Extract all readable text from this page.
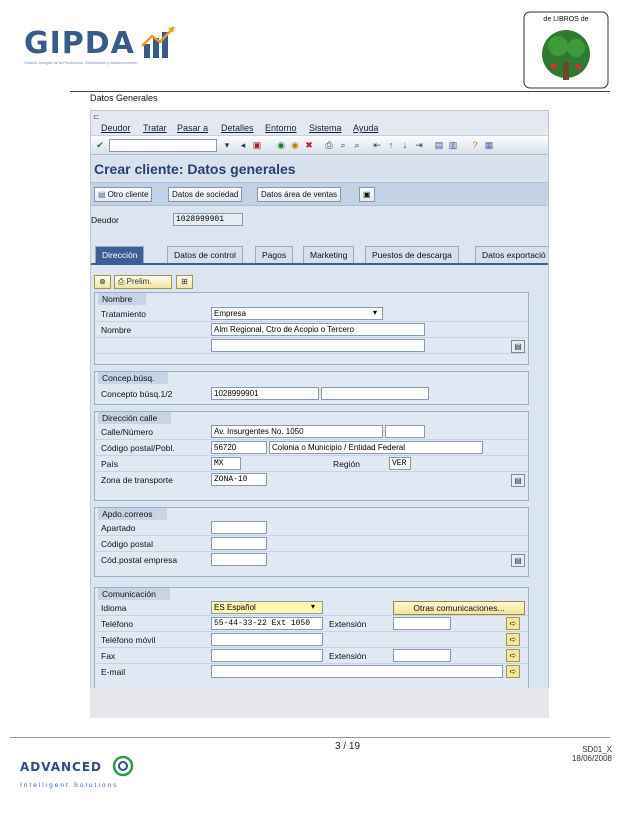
GIPDA
Gestión Integral de la Producción, Distribución y Abastecimiento
de LIBROS de
Datos Generales
⊏
Deudor Tratar Pasar a Detalles Entorno Sistema Ayuda
✔	▾	◂ ▣ ◉ ◉ ✖ ⎙ ⌕ ⌕	⇤ ↑	↓ ⇥ ▤ ▥	? ▦
Crear cliente: Datos generales
▤ Otro cliente	Datos de sociedad	Datos área de ventas	▣
Deudor	1028999901
Dirección	Datos de control	Pagos	Marketing	Puestos de descarga	Datos exportació
⊗	⎙ Prelim.	⊞
Nombre
Tratamiento	Empresa	▾
Nombre	Alm Regional, Ctro de Acopio o Tercero
▤
Concep.búsq.
Concepto búsq.1/2	1028999901
Dirección calle
Calle/Número	Av. Insurgentes No. 1050
Código postal/Pobl.	56720	Colonia o Municipio / Entidad Federal
País	MX	Región	VER
Zona de transporte	ZONA-10	▤
Apdo.correos
Apartado
Código postal
Cód.postal empresa	▤
Comunicación
Idioma	ES Español	▾	Otras comunicaciones...
Teléfono	55-44-33-22 Ext 1050	Extensión	➪
Teléfono móvil	➪
Fax	Extensión	➪
E-mail	➪
3 / 19	SD01_X
18/06/2008
ADVANCED
Intelligent Solutions
